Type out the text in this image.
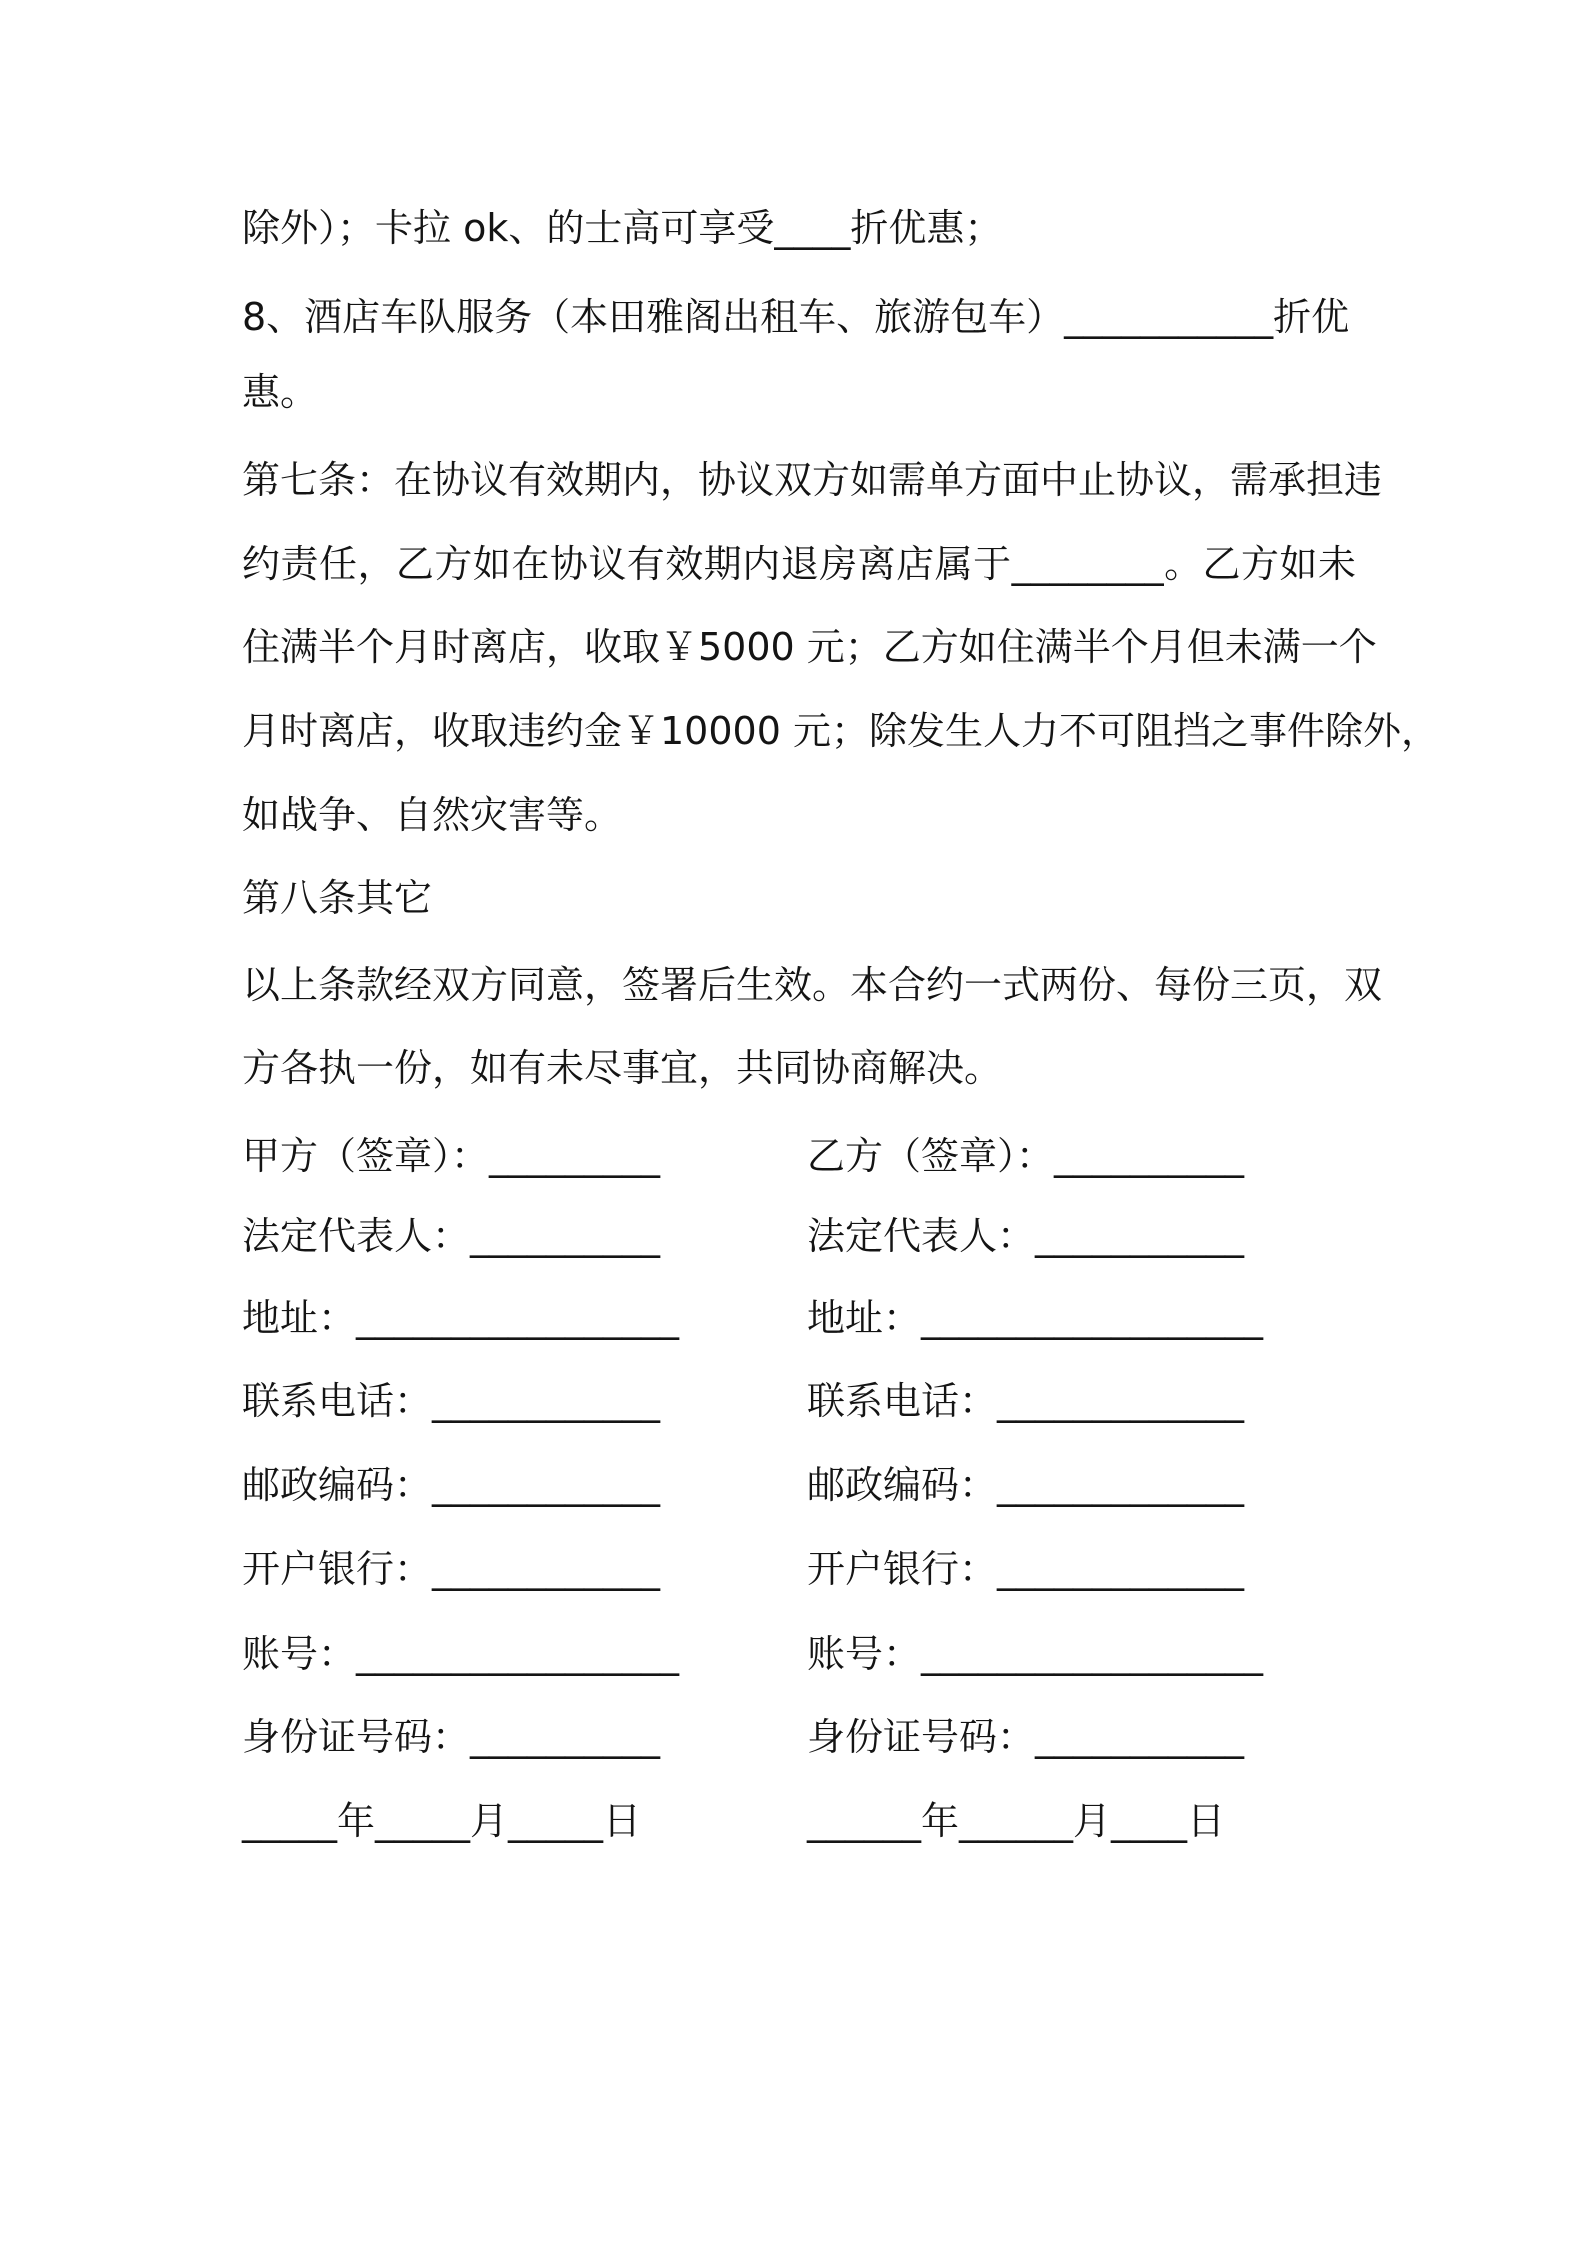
除外）；卡拉 ok、的士高可享受____折优惠；
8、酒店车队服务（本田雅阁出租车、旅游包车）___________折优
惠。
第七条：在协议有效期内，协议双方如需单方面中止协议，需承担违
约责任，乙方如在协议有效期内退房离店属于________。乙方如未
住满半个月时离店，收取￥5000 元；乙方如住满半个月但未满一个
月时离店，收取违约金￥10000 元；除发生人力不可阻挡之事件除外，
如战争、自然灾害等。
第八条其它
以上条款经双方同意，签署后生效。本合约一式两份、每份三页，双
方各执一份，如有未尽事宜，共同协商解决。
甲方（签章）：_________
法定代表人：__________
地址：_________________
联系电话：____________
邮政编码：____________
开户银行：____________
账号：_________________
身份证号码：__________
_____年_____月_____日
乙方（签章）：__________
法定代表人：___________
地址：__________________
联系电话：_____________
邮政编码：_____________
开户银行：_____________
账号：__________________
身份证号码：___________
______年______月____日
